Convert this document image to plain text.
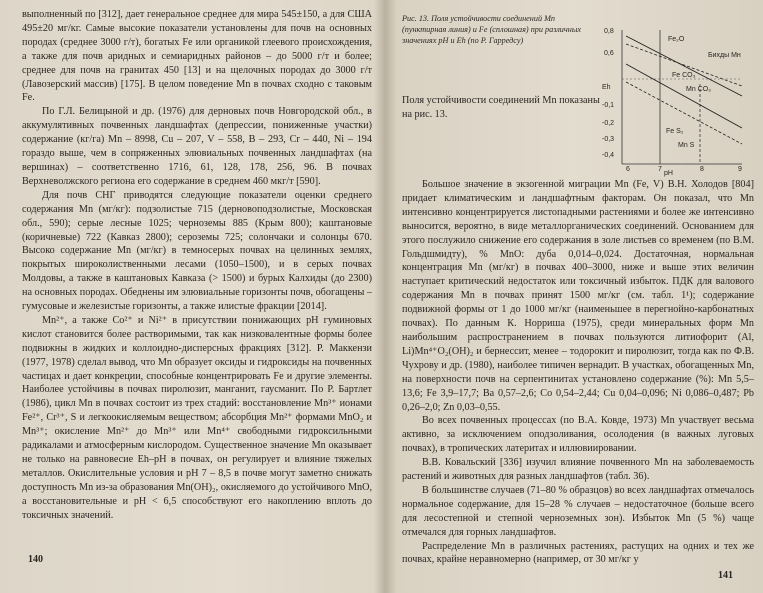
выполненный по [312], дает генеральное среднее для мира 545±150, а для США 495±20 мг/кг. Самые высокие показатели установлены для почв на основных породах (среднее 3000 г/т), богатых Fe или органикой глеевого происхождения, а также для почв аридных и семиаридных районов – до 5000 г/т и более; среднее для почв на гранитах 450 [13] и на щелочных породах до 3000 г/т (Лавозерский массив) [175]. В целом поведение Mn в почвах сходно с таковым Fe.

По Г.Л. Белицыной и др. (1976) для дерновых почв Новгородской обл., в аккумулятивных почвенных ландшафтах (депрессии, пониженные участки) содержание (кг/га) Mn – 8998, Cu – 207, V – 558, B – 293, Cr – 440, Ni – 194 гораздо выше, чем в сопряженных элювиальных почвенных ландшафтах (на вершинах) – соответственно 1716, 61, 128, 178, 256, 96. В почвах Верхневолжского региона его содержание в среднем 460 мкг/т [590].

Для почв СНГ приводятся следующие показатели оценки среднего содержания Mn (мг/кг): подзолистые 715 (дерновоподзолистые, Московская обл., 590); серые лесные 1025; черноземы 885 (Крым 800); каштановые (коричневые) 722 (Кавказ 2800); сероземы 725; солончаки и солонцы 670. Высоко содержание Mn (мг/кг) в темносерых почвах на целинных землях, покрытых широколиственными лесами (1050–1500), и в серых почвах Молдовы, а также в каштановых Кавказа (> 1500) и бурых Калхиды (до 2300) на основных породах. Обеднены им элювиальные горизонты почв, обогащены – гумусовые и железистые горизонты, а также илистые фракции [2014].

Mn²⁺, а также Co²⁺ и Ni²⁺ в присутствии понижающих pH гуминовых кислот становится более растворимыми, так как низковалентные формы более подвижны в жидких и коллоидно-дисперсных фракциях [312]. Р. Маккензи (1977, 1978) сделал вывод, что Mn образует оксиды и гидроксиды на почвенных частицах и дает конкреции, способные концентрировать Fe и другие элементы. Наиболее устойчивы в почвах пиролюзит, манганит, гаусманит. По Р. Бартлет (1986), цикл Mn в почвах состоит из трех стадий: восстановление Mn³⁺ ионами Fe²⁺, Cr³⁺, S и легкоокисляемым веществом; абсорбция Mn²⁺ формами MnO₂ и Mn³⁺; окисление Mn²⁺ до Mn³⁺ или Mn⁴⁺ свободными гидроксильными радикалами и атмосферным кислородом. Существенное значение Mn оказывает не только на равновесие Eh–pH в почвах, он регулирует и влияние тяжелых металлов. Окислительные условия и pH 7 – 8,5 в почве могут заметно снижать доступность Mn из-за образования Mn(OH)₂, окисляемого до устойчивого MnO, а восстановительные и pH < 6,5 способствуют его накоплению вплоть до токсичных значений.

140
Рис. 13. Поля устойчивости соединений Mn (пунктирная линия) и Fe (сплошная) при различных значениях pH и Eh (по Р. Гарредсу)
Eh
pH
0,8
0,6
-0,1
-0,2
-0,3
-0,4
6	7	8	9
Fe₂O
Бихды Мн
Fe CO₃
Mn CO₃
Fe S₂
Mn S
Поля устойчивости соединений Mn показаны на рис. 13.

Большое значение в экзогенной миграции Mn (Fe, V) В.Н. Холодов [804] придает климатическим и ландшафтным факторам. Он показал, что Mn интенсивно концентрируется листопадными растениями и более же интенсивно выносится, вероятно, в виде металлорганических соединений. Основанием для этого послужило снижение его содержания в золе листьев со временем (по В.М. Гольдшмидту), % MnO: дуба 0,014–0,024. Достаточная, нормальная концентрация Mn (мг/кг) в почвах 400–3000, ниже и выше этих величин наступает критический недостаток или токсичный избыток. ПДК для валового содержания Mn в почвах принят 1500 мг/кг (см. табл. 1¹); содержание подвижной формы от 1 до 1000 мг/кг (наименьшее в перегнойно-карбонатных почвах). По данным К. Норриша (1975), среди минеральных форм Mn наибольшим распространением в почвах пользуются литиофорит (Al, Li)Mn⁴⁺O₂(OH)₂ и бернессит, менее – тодорокит и пиролюзит, тогда как по Ф.В. Чухрову и др. (1980), наиболее типичен вернадит. В участках, обогащенных Mn, на поверхности почв на серпентинитах установлено содержание (%): Mn 5,5–13,6; Fe 3,9–17,7; Ba 0,57–2,6; Co 0,54–2,44; Cu 0,04–0,096; Ni 0,086–0,487; Pb 0,26–2,0; Zn 0,03–0,55.

Во всех почвенных процессах (по В.А. Ковде, 1973) Mn участвует весьма активно, за исключением оподзоливания, осолодения (в важных луговых почвах), в тропических латеритах и иллювиировании.

В.В. Ковальский [336] изучил влияние почвенного Mn на заболеваемость растений и животных для разных ландшафтов (табл. 36).

В большинстве случаев (71–80 % образцов) во всех ландшафтах отмечалось нормальное содержание, для 15–28 % случаев – недостаточное (больше всего для лесостепной и степной черноземных зон). Избыток Mn (5 %) чаще отмечался для горных ландшафтов.

Распределение Mn в различных растениях, растущих на одних и тех же почвах, крайне неравномерно (например, от 30 мг/кг у

141
